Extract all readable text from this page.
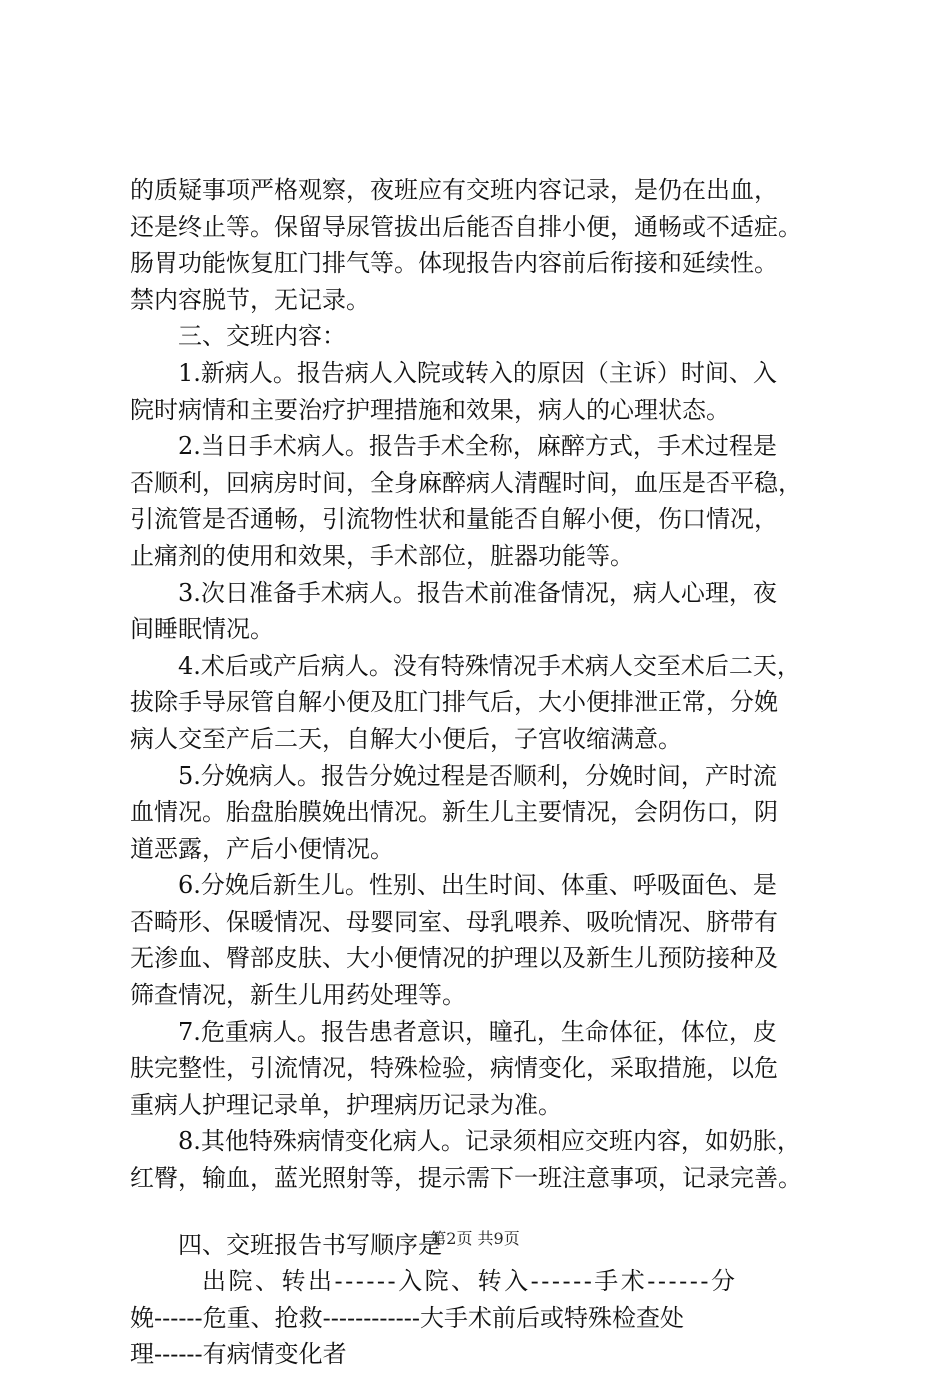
的质疑事项严格观察，夜班应有交班内容记录，是仍在出血，
还是终止等。保留导尿管拔出后能否自排小便，通畅或不适症。
肠胃功能恢复肛门排气等。体现报告内容前后衔接和延续性。
禁内容脱节，无记录。
三、交班内容：
1.新病人。报告病人入院或转入的原因（主诉）时间、入
院时病情和主要治疗护理措施和效果，病人的心理状态。
2.当日手术病人。报告手术全称，麻醉方式，手术过程是
否顺利，回病房时间，全身麻醉病人清醒时间，血压是否平稳，
引流管是否通畅，引流物性状和量能否自解小便，伤口情况，
止痛剂的使用和效果，手术部位，脏器功能等。
3.次日准备手术病人。报告术前准备情况，病人心理，夜
间睡眠情况。
4.术后或产后病人。没有特殊情况手术病人交至术后二天，
拔除手导尿管自解小便及肛门排气后，大小便排泄正常，分娩
病人交至产后二天，自解大小便后，子宫收缩满意。
5.分娩病人。报告分娩过程是否顺利，分娩时间，产时流
血情况。胎盘胎膜娩出情况。新生儿主要情况，会阴伤口，阴
道恶露，产后小便情况。
6.分娩后新生儿。性别、出生时间、体重、呼吸面色、是
否畸形、保暖情况、母婴同室、母乳喂养、吸吮情况、脐带有
无渗血、臀部皮肤、大小便情况的护理以及新生儿预防接种及
筛查情况，新生儿用药处理等。
7.危重病人。报告患者意识，瞳孔，生命体征，体位，皮
肤完整性，引流情况，特殊检验，病情变化，采取措施，以危
重病人护理记录单，护理病历记录为准。
8.其他特殊病情变化病人。记录须相应交班内容，如奶胀，
红臀，输血，蓝光照射等，提示需下一班注意事项，记录完善。
四、交班报告书写顺序是
出院、转出------入院、转入------手术------分
娩------危重、抢救------------大手术前后或特殊检查处
理------有病情变化者
第2页 共9页
